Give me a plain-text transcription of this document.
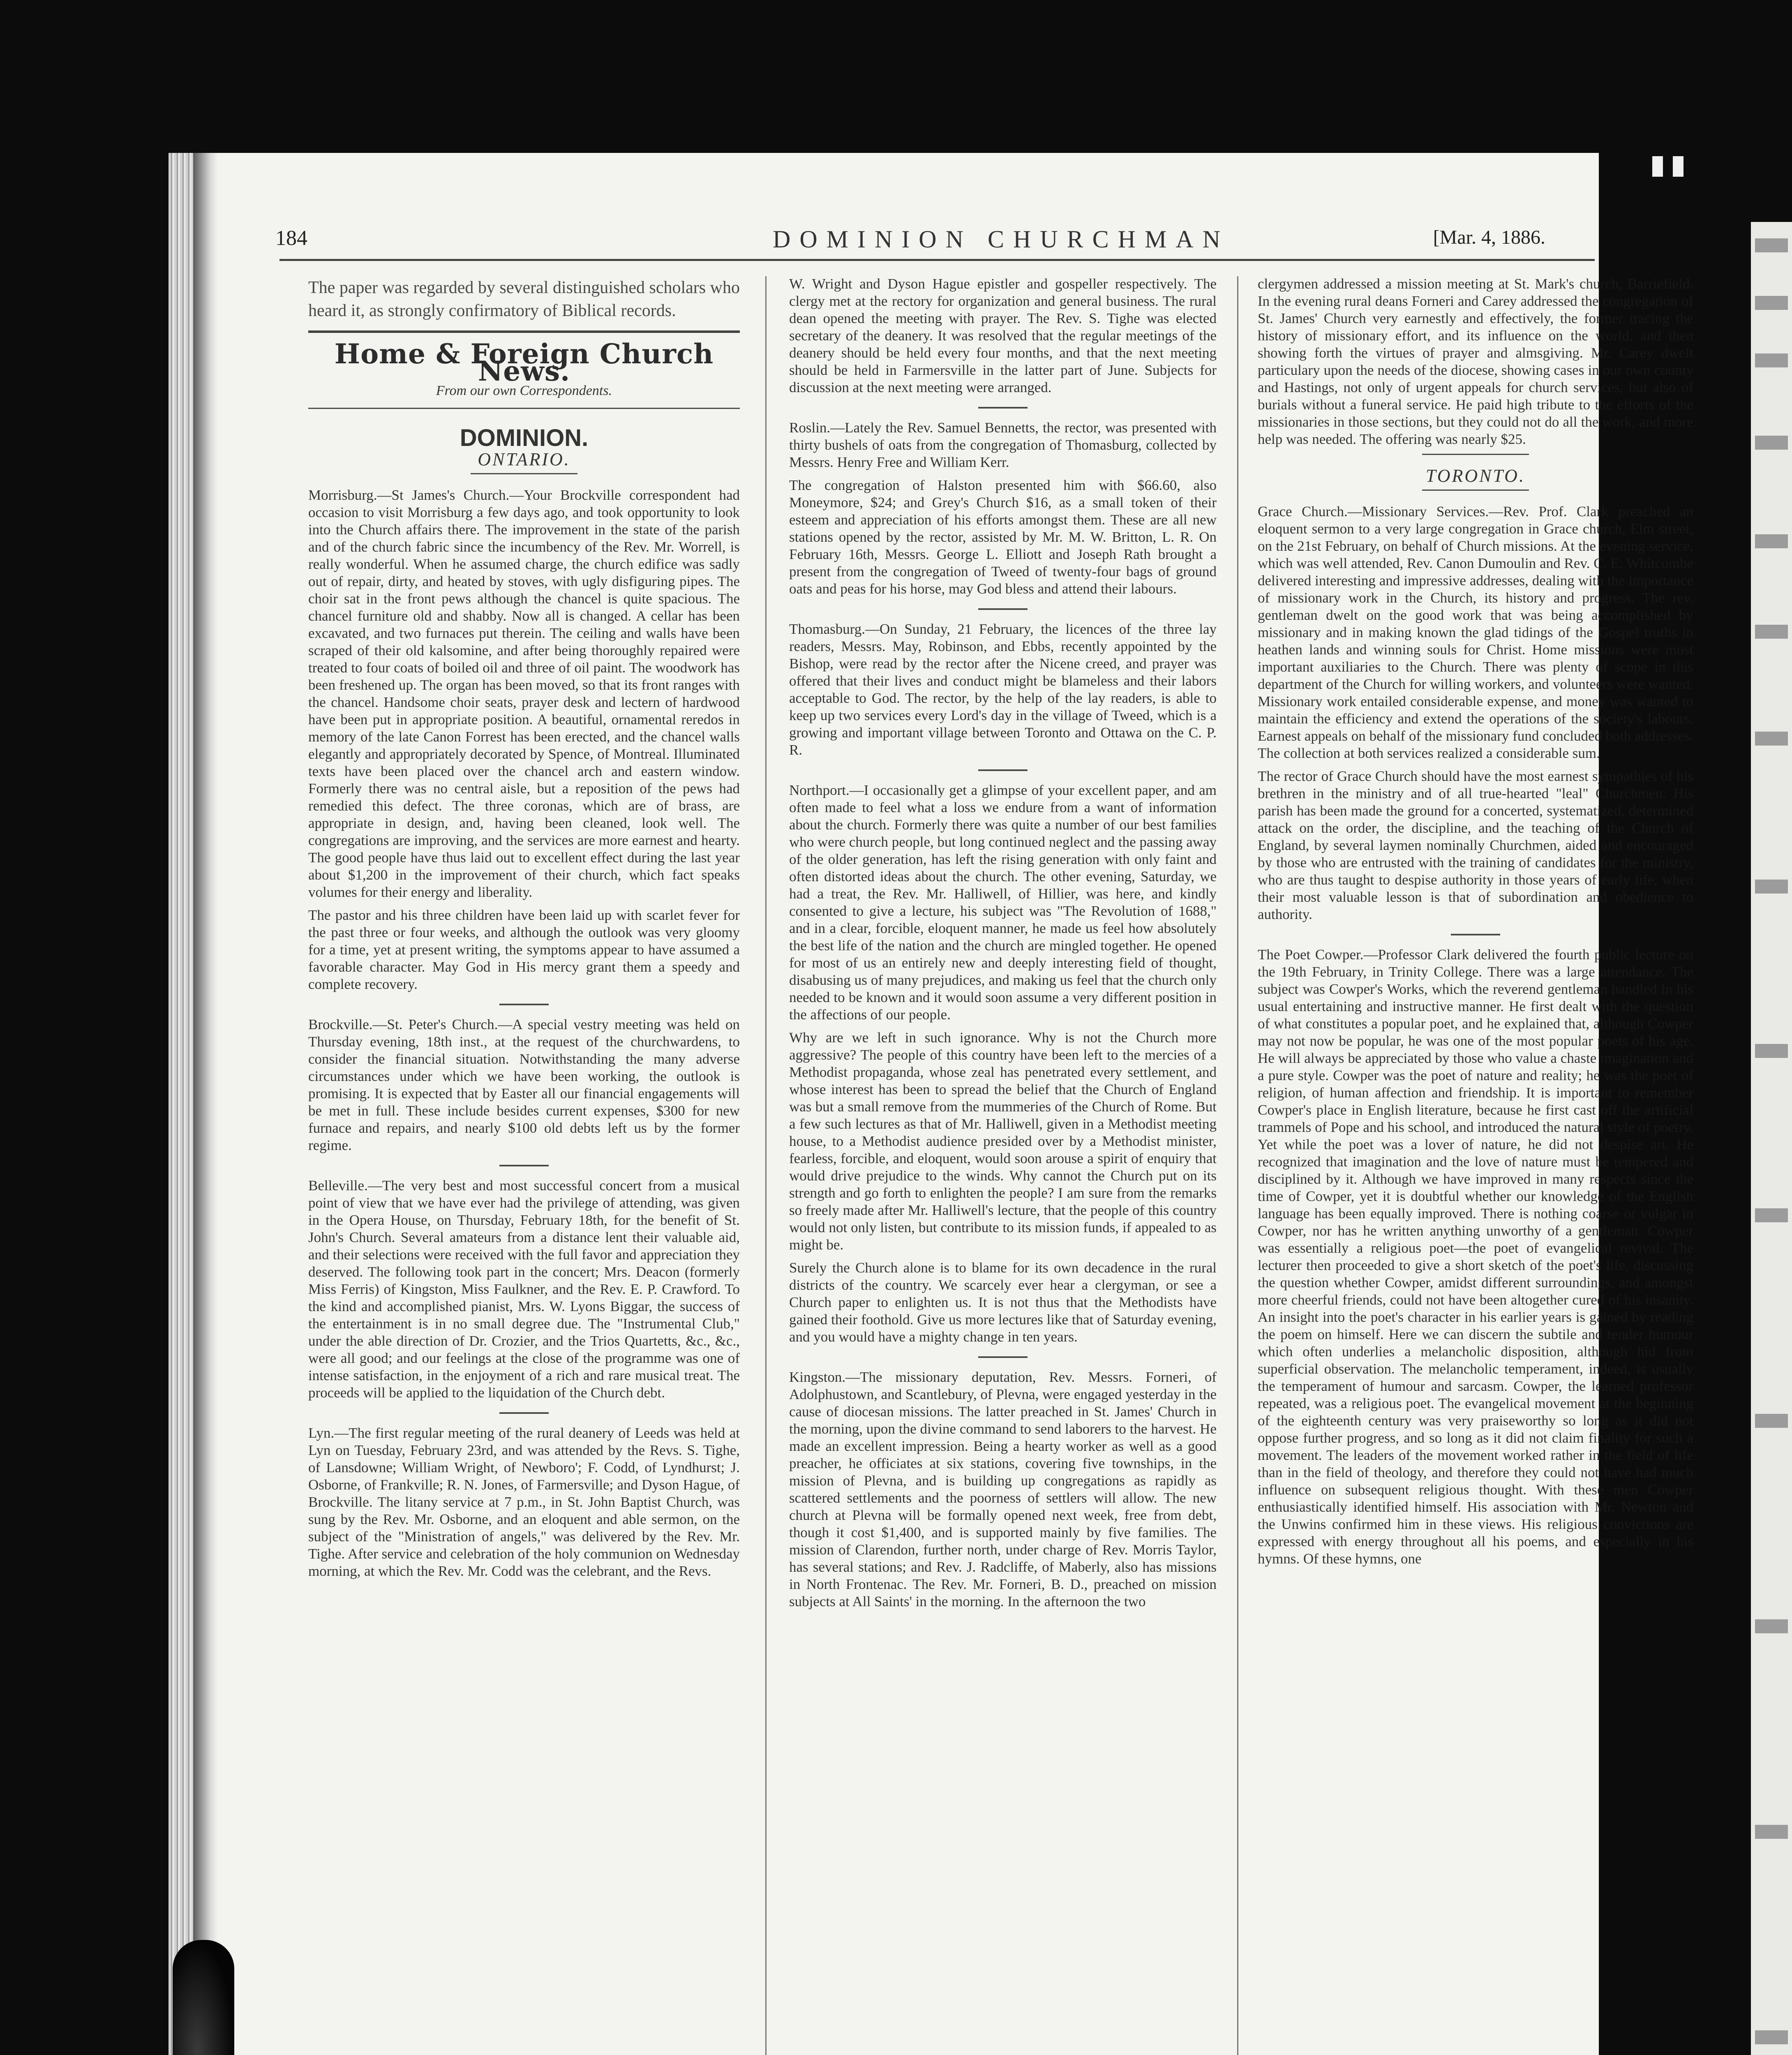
184	DOMINION CHURCHMAN	[Mar. 4, 1886.

The paper was regarded by several distinguished scholars who heard it, as strongly confirmatory of Biblical records.

Home & Foreign Church News.
From our own Correspondents.
DOMINION.
ONTARIO.

Morrisburg.—St James's Church.—Your Brockville correspondent had occasion to visit Morrisburg a few days ago, and took opportunity to look into the Church affairs there. The improvement in the state of the parish and of the church fabric since the incumbency of the Rev. Mr. Worrell, is really wonderful. When he assumed charge, the church edifice was sadly out of repair, dirty, and heated by stoves, with ugly disfiguring pipes. The choir sat in the front pews although the chancel is quite spacious. The chancel furniture old and shabby. Now all is changed. A cellar has been excavated, and two furnaces put therein. The ceiling and walls have been scraped of their old kalsomine, and after being thoroughly repaired were treated to four coats of boiled oil and three of oil paint. The woodwork has been freshened up. The organ has been moved, so that its front ranges with the chancel. Handsome choir seats, prayer desk and lectern of hardwood have been put in appropriate position. A beautiful, ornamental reredos in memory of the late Canon Forrest has been erected, and the chancel walls elegantly and appropriately decorated by Spence, of Montreal. Illuminated texts have been placed over the chancel arch and eastern window. Formerly there was no central aisle, but a reposition of the pews had remedied this defect. The three coronas, which are of brass, are appropriate in design, and, having been cleaned, look well. The congregations are improving, and the services are more earnest and hearty. The good people have thus laid out to excellent effect during the last year about $1,200 in the improvement of their church, which fact speaks volumes for their energy and liberality.

The pastor and his three children have been laid up with scarlet fever for the past three or four weeks, and although the outlook was very gloomy for a time, yet at present writing, the symptoms appear to have assumed a favorable character. May God in His mercy grant them a speedy and complete recovery.

Brockville.—St. Peter's Church.—A special vestry meeting was held on Thursday evening, 18th inst., at the request of the churchwardens, to consider the financial situation. Notwithstanding the many adverse circumstances under which we have been working, the outlook is promising. It is expected that by Easter all our financial engagements will be met in full. These include besides current expenses, $300 for new furnace and repairs, and nearly $100 old debts left us by the former regime.

Belleville.—The very best and most successful concert from a musical point of view that we have ever had the privilege of attending, was given in the Opera House, on Thursday, February 18th, for the benefit of St. John's Church. Several amateurs from a distance lent their valuable aid, and their selections were received with the full favor and appreciation they deserved. The following took part in the concert; Mrs. Deacon (formerly Miss Ferris) of Kingston, Miss Faulkner, and the Rev. E. P. Crawford. To the kind and accomplished pianist, Mrs. W. Lyons Biggar, the success of the entertainment is in no small degree due. The "Instrumental Club," under the able direction of Dr. Crozier, and the Trios Quartetts, &c., &c., were all good; and our feelings at the close of the programme was one of intense satisfaction, in the enjoyment of a rich and rare musical treat. The proceeds will be applied to the liquidation of the Church debt.

Lyn.—The first regular meeting of the rural deanery of Leeds was held at Lyn on Tuesday, February 23rd, and was attended by the Revs. S. Tighe, of Lansdowne; William Wright, of Newboro'; F. Codd, of Lyndhurst; J. Osborne, of Frankville; R. N. Jones, of Farmersville; and Dyson Hague, of Brockville. The litany service at 7 p.m., in St. John Baptist Church, was sung by the Rev. Mr. Osborne, and an eloquent and able sermon, on the subject of the "Ministration of angels," was delivered by the Rev. Mr. Tighe. After service and celebration of the holy communion on Wednesday morning, at which the Rev. Mr. Codd was the celebrant, and the Revs.

W. Wright and Dyson Hague epistler and gospeller respectively. The clergy met at the rectory for organization and general business. The rural dean opened the meeting with prayer. The Rev. S. Tighe was elected secretary of the deanery. It was resolved that the regular meetings of the deanery should be held every four months, and that the next meeting should be held in Farmersville in the latter part of June. Subjects for discussion at the next meeting were arranged.

Roslin.—Lately the Rev. Samuel Bennetts, the rector, was presented with thirty bushels of oats from the congregation of Thomasburg, collected by Messrs. Henry Free and William Kerr.

The congregation of Halston presented him with $66.60, also Moneymore, $24; and Grey's Church $16, as a small token of their esteem and appreciation of his efforts amongst them. These are all new stations opened by the rector, assisted by Mr. M. W. Britton, L. R. On February 16th, Messrs. George L. Elliott and Joseph Rath brought a present from the congregation of Tweed of twenty-four bags of ground oats and peas for his horse, may God bless and attend their labours.

Thomasburg.—On Sunday, 21 February, the licences of the three lay readers, Messrs. May, Robinson, and Ebbs, recently appointed by the Bishop, were read by the rector after the Nicene creed, and prayer was offered that their lives and conduct might be blameless and their labors acceptable to God. The rector, by the help of the lay readers, is able to keep up two services every Lord's day in the village of Tweed, which is a growing and important village between Toronto and Ottawa on the C. P. R.

Northport.—I occasionally get a glimpse of your excellent paper, and am often made to feel what a loss we endure from a want of information about the church. Formerly there was quite a number of our best families who were church people, but long continued neglect and the passing away of the older generation, has left the rising generation with only faint and often distorted ideas about the church. The other evening, Saturday, we had a treat, the Rev. Mr. Halliwell, of Hillier, was here, and kindly consented to give a lecture, his subject was "The Revolution of 1688," and in a clear, forcible, eloquent manner, he made us feel how absolutely the best life of the nation and the church are mingled together. He opened for most of us an entirely new and deeply interesting field of thought, disabusing us of many prejudices, and making us feel that the church only needed to be known and it would soon assume a very different position in the affections of our people.

Why are we left in such ignorance. Why is not the Church more aggressive? The people of this country have been left to the mercies of a Methodist propaganda, whose zeal has penetrated every settlement, and whose interest has been to spread the belief that the Church of England was but a small remove from the mummeries of the Church of Rome. But a few such lectures as that of Mr. Halliwell, given in a Methodist meeting house, to a Methodist audience presided over by a Methodist minister, fearless, forcible, and eloquent, would soon arouse a spirit of enquiry that would drive prejudice to the winds. Why cannot the Church put on its strength and go forth to enlighten the people? I am sure from the remarks so freely made after Mr. Halliwell's lecture, that the people of this country would not only listen, but contribute to its mission funds, if appealed to as might be.

Surely the Church alone is to blame for its own decadence in the rural districts of the country. We scarcely ever hear a clergyman, or see a Church paper to enlighten us. It is not thus that the Methodists have gained their foothold. Give us more lectures like that of Saturday evening, and you would have a mighty change in ten years.

Kingston.—The missionary deputation, Rev. Messrs. Forneri, of Adolphustown, and Scantlebury, of Plevna, were engaged yesterday in the cause of diocesan missions. The latter preached in St. James' Church in the morning, upon the divine command to send laborers to the harvest. He made an excellent impression. Being a hearty worker as well as a good preacher, he officiates at six stations, covering five townships, in the mission of Plevna, and is building up congregations as rapidly as scattered settlements and the poorness of settlers will allow. The new church at Plevna will be formally opened next week, free from debt, though it cost $1,400, and is supported mainly by five families. The mission of Clarendon, further north, under charge of Rev. Morris Taylor, has several stations; and Rev. J. Radcliffe, of Maberly, also has missions in North Frontenac. The Rev. Mr. Forneri, B. D., preached on mission subjects at All Saints' in the morning. In the afternoon the two

clergymen addressed a mission meeting at St. Mark's church, Barriefield. In the evening rural deans Forneri and Carey addressed the congregation of St. James' Church very earnestly and effectively, the former tracing the history of missionary effort, and its influence on the world, and then showing forth the virtues of prayer and almsgiving. Mr. Carey dwelt particulary upon the needs of the diocese, showing cases in our own county and Hastings, not only of urgent appeals for church services, but also of burials without a funeral service. He paid high tribute to the efforts of the missionaries in those sections, but they could not do all the work, and more help was needed. The offering was nearly $25.

TORONTO.

Grace Church.—Missionary Services.—Rev. Prof. Clark preached an eloquent sermon to a very large congregation in Grace church, Elm street, on the 21st February, on behalf of Church missions. At the evening service, which was well attended, Rev. Canon Dumoulin and Rev. C. E. Whitcombe delivered interesting and impressive addresses, dealing with the importance of missionary work in the Church, its history and progress. The rev. gentleman dwelt on the good work that was being accomplished by missionary and in making known the glad tidings of the Gospel truths in heathen lands and winning souls for Christ. Home missions were most important auxiliaries to the Church. There was plenty of scope in this department of the Church for willing workers, and volunteers were wanted. Missionary work entailed considerable expense, and money was wanted to maintain the efficiency and extend the operations of the society's labours. Earnest appeals on behalf of the missionary fund concluded both addresses. The collection at both services realized a considerable sum.

The rector of Grace Church should have the most earnest sympathies of his brethren in the ministry and of all true-hearted "leal" Churchmen. His parish has been made the ground for a concerted, systematized, determined attack on the order, the discipline, and the teaching of the Church of England, by several laymen nominally Churchmen, aided and encouraged by those who are entrusted with the training of candidates for the ministry, who are thus taught to despise authority in those years of early life, when their most valuable lesson is that of subordination and obedience to authority.

The Poet Cowper.—Professor Clark delivered the fourth public lecture on the 19th February, in Trinity College. There was a large attendance. The subject was Cowper's Works, which the reverend gentleman handled in his usual entertaining and instructive manner. He first dealt with the question of what constitutes a popular poet, and he explained that, although Cowper may not now be popular, he was one of the most popular poets of his age. He will always be appreciated by those who value a chaste imagination and a pure style. Cowper was the poet of nature and reality; he was the poet of religion, of human affection and friendship. It is important to remember Cowper's place in English literature, because he first cast off the artificial trammels of Pope and his school, and introduced the natural style of poetry. Yet while the poet was a lover of nature, he did not despise art. He recognized that imagination and the love of nature must be tempered and disciplined by it. Although we have improved in many respects since the time of Cowper, yet it is doubtful whether our knowledge of the English language has been equally improved. There is nothing coarse or vulgar in Cowper, nor has he written anything unworthy of a gentleman. Cowper was essentially a religious poet—the poet of evangelical revival. The lecturer then proceeded to give a short sketch of the poet's life, discussing the question whether Cowper, amidst different surroundings, and amongst more cheerful friends, could not have been altogether cured of his insanity. An insight into the poet's character in his earlier years is gained by reading the poem on himself. Here we can discern the subtile and tender humour which often underlies a melancholic disposition, although hid from superficial observation. The melancholic temperament, indeed, is usually the temperament of humour and sarcasm. Cowper, the learned professor repeated, was a religious poet. The evangelical movement at the beginning of the eighteenth century was very praiseworthy so long as it did not oppose further progress, and so long as it did not claim finality for such a movement. The leaders of the movement worked rather in the field of life than in the field of theology, and therefore they could not have had much influence on subsequent religious thought. With these men Cowper enthusiastically identified himself. His association with Mr. Newton and the Unwins confirmed him in these views. His religious convictions are expressed with energy throughout all his poems, and especially in his hymns. Of these hymns, one
